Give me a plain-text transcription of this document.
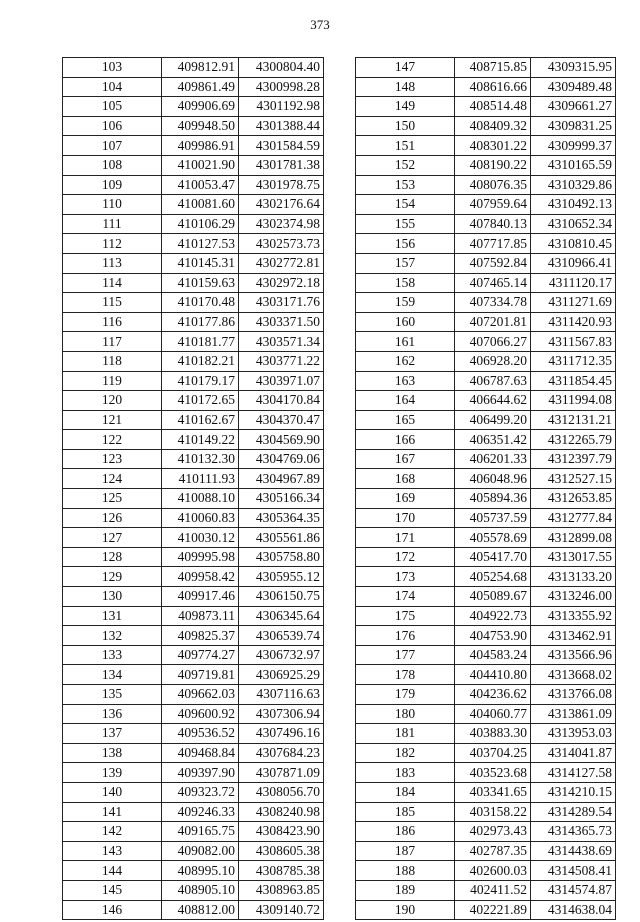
373
103	409812.91	4300804.40
104	409861.49	4300998.28
105	409906.69	4301192.98
106	409948.50	4301388.44
107	409986.91	4301584.59
108	410021.90	4301781.38
109	410053.47	4301978.75
110	410081.60	4302176.64
111	410106.29	4302374.98
112	410127.53	4302573.73
113	410145.31	4302772.81
114	410159.63	4302972.18
115	410170.48	4303171.76
116	410177.86	4303371.50
117	410181.77	4303571.34
118	410182.21	4303771.22
119	410179.17	4303971.07
120	410172.65	4304170.84
121	410162.67	4304370.47
122	410149.22	4304569.90
123	410132.30	4304769.06
124	410111.93	4304967.89
125	410088.10	4305166.34
126	410060.83	4305364.35
127	410030.12	4305561.86
128	409995.98	4305758.80
129	409958.42	4305955.12
130	409917.46	4306150.75
131	409873.11	4306345.64
132	409825.37	4306539.74
133	409774.27	4306732.97
134	409719.81	4306925.29
135	409662.03	4307116.63
136	409600.92	4307306.94
137	409536.52	4307496.16
138	409468.84	4307684.23
139	409397.90	4307871.09
140	409323.72	4308056.70
141	409246.33	4308240.98
142	409165.75	4308423.90
143	409082.00	4308605.38
144	408995.10	4308785.38
145	408905.10	4308963.85
146	408812.00	4309140.72
147	408715.85	4309315.95
148	408616.66	4309489.48
149	408514.48	4309661.27
150	408409.32	4309831.25
151	408301.22	4309999.37
152	408190.22	4310165.59
153	408076.35	4310329.86
154	407959.64	4310492.13
155	407840.13	4310652.34
156	407717.85	4310810.45
157	407592.84	4310966.41
158	407465.14	4311120.17
159	407334.78	4311271.69
160	407201.81	4311420.93
161	407066.27	4311567.83
162	406928.20	4311712.35
163	406787.63	4311854.45
164	406644.62	4311994.08
165	406499.20	4312131.21
166	406351.42	4312265.79
167	406201.33	4312397.79
168	406048.96	4312527.15
169	405894.36	4312653.85
170	405737.59	4312777.84
171	405578.69	4312899.08
172	405417.70	4313017.55
173	405254.68	4313133.20
174	405089.67	4313246.00
175	404922.73	4313355.92
176	404753.90	4313462.91
177	404583.24	4313566.96
178	404410.80	4313668.02
179	404236.62	4313766.08
180	404060.77	4313861.09
181	403883.30	4313953.03
182	403704.25	4314041.87
183	403523.68	4314127.58
184	403341.65	4314210.15
185	403158.22	4314289.54
186	402973.43	4314365.73
187	402787.35	4314438.69
188	402600.03	4314508.41
189	402411.52	4314574.87
190	402221.89	4314638.04
